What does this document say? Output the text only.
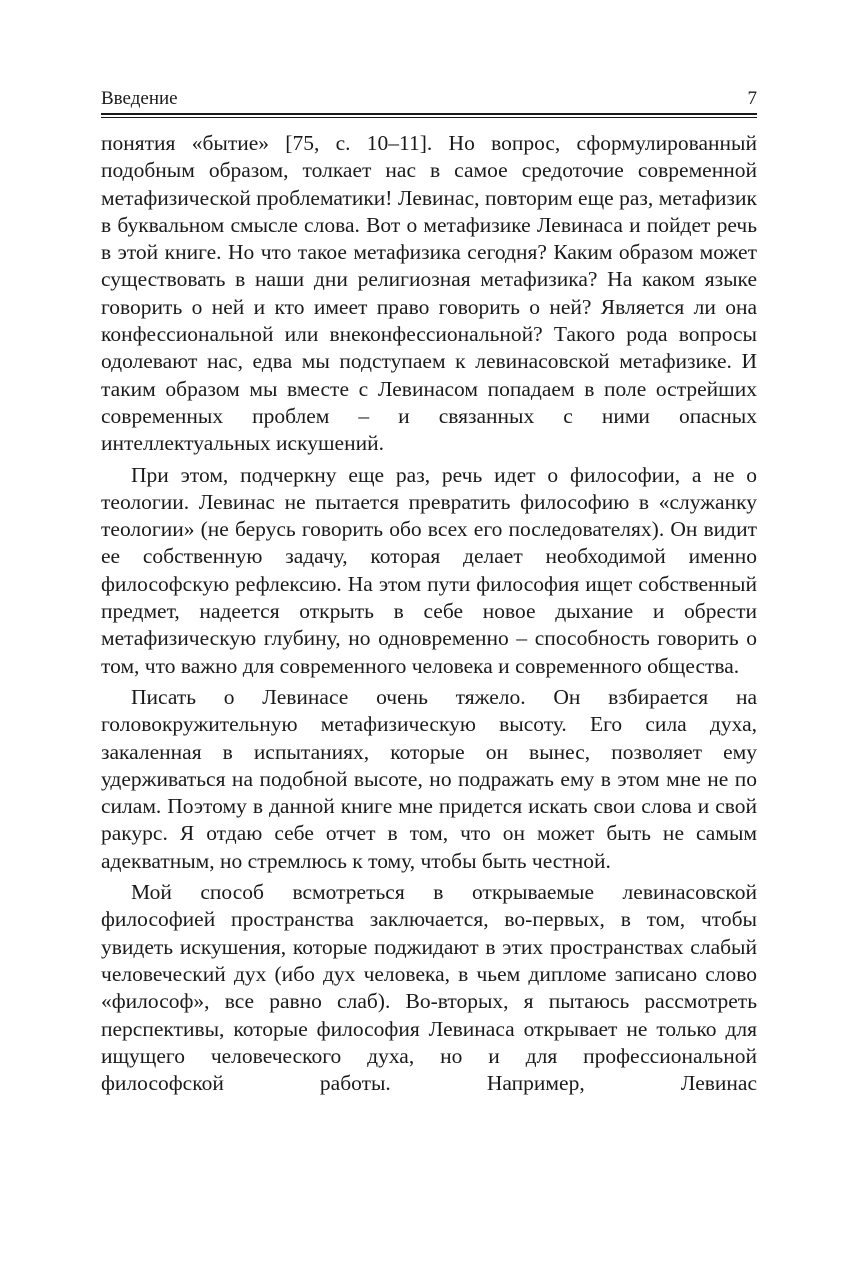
Введение	7

понятия «бытие» [75, с. 10–11]. Но вопрос, сформулированный подобным образом, толкает нас в самое средоточие современной метафизической проблематики! Левинас, повторим еще раз, метафизик в буквальном смысле слова. Вот о метафизике Левинаса и пойдет речь в этой книге. Но что такое метафизика сегодня? Каким образом может существовать в наши дни религиозная метафизика? На каком языке говорить о ней и кто имеет право говорить о ней? Является ли она конфессиональной или внеконфессиональной? Такого рода вопросы одолевают нас, едва мы подступаем к левинасовской метафизике. И таким образом мы вместе с Левинасом попадаем в поле острейших современных проблем – и связанных с ними опасных интеллектуальных искушений.

При этом, подчеркну еще раз, речь идет о философии, а не о теологии. Левинас не пытается превратить философию в «служанку теологии» (не берусь говорить обо всех его последователях). Он видит ее собственную задачу, которая делает необходимой именно философскую рефлексию. На этом пути философия ищет собственный предмет, надеется открыть в себе новое дыхание и обрести метафизическую глубину, но одновременно – способность говорить о том, что важно для современного человека и современного общества.

Писать о Левинасе очень тяжело. Он взбирается на головокружительную метафизическую высоту. Его сила духа, закаленная в испытаниях, которые он вынес, позволяет ему удерживаться на подобной высоте, но подражать ему в этом мне не по силам. Поэтому в данной книге мне придется искать свои слова и свой ракурс. Я отдаю себе отчет в том, что он может быть не самым адекватным, но стремлюсь к тому, чтобы быть честной.

Мой способ всмотреться в открываемые левинасовской философией пространства заключается, во-первых, в том, чтобы увидеть искушения, которые поджидают в этих пространствах слабый человеческий дух (ибо дух человека, в чьем дипломе записано слово «философ», все равно слаб). Во-вторых, я пытаюсь рассмотреть перспективы, которые философия Левинаса открывает не только для ищущего человеческого духа, но и для профессиональной философской работы. Например, Левинас
